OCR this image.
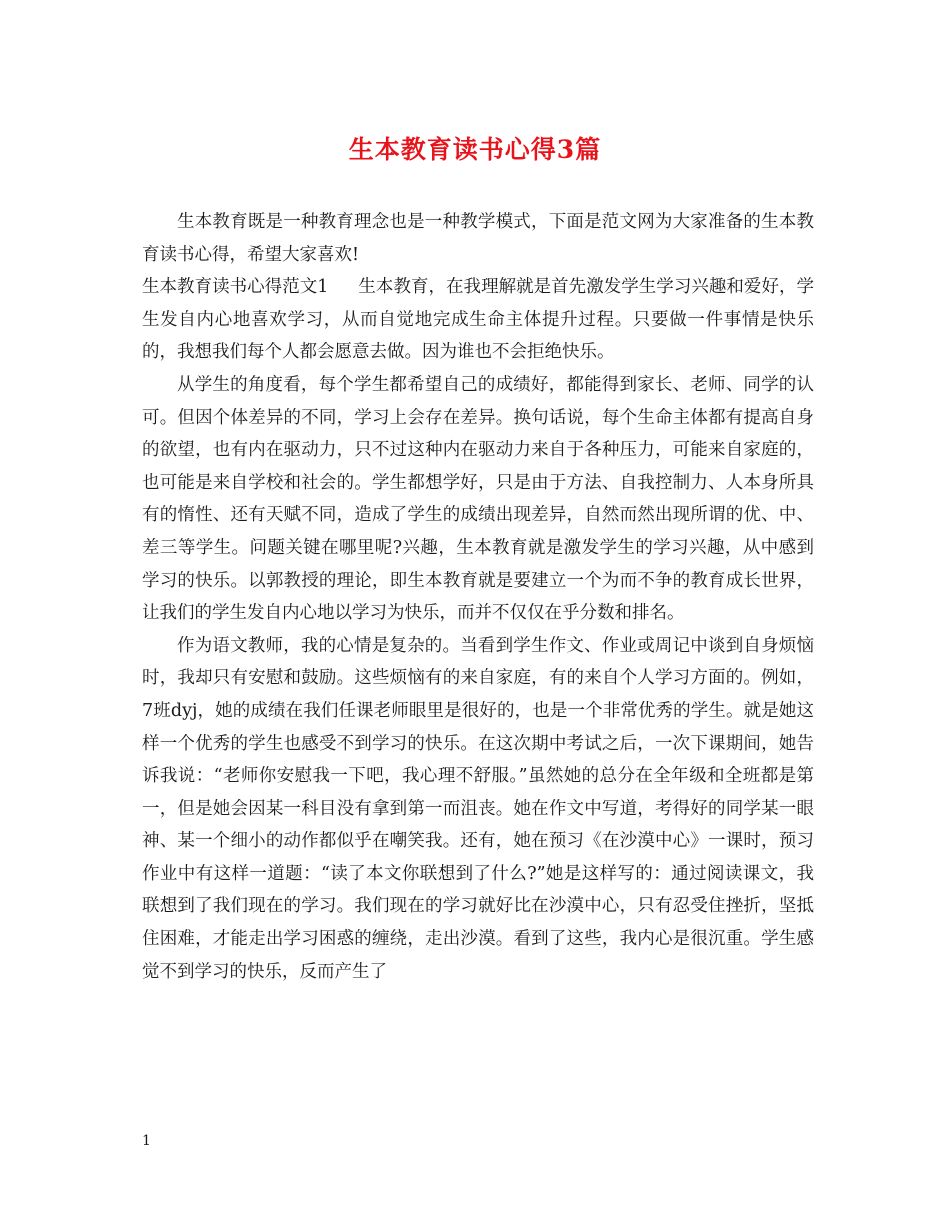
生本教育读书心得3篇

生本教育既是一种教育理念也是一种教学模式，下面是范文网为大家准备的生本教育读书心得，希望大家喜欢!

生本教育读书心得范文1 生本教育，在我理解就是首先激发学生学习兴趣和爱好，学生发自内心地喜欢学习，从而自觉地完成生命主体提升过程。只要做一件事情是快乐的，我想我们每个人都会愿意去做。因为谁也不会拒绝快乐。

从学生的角度看，每个学生都希望自己的成绩好，都能得到家长、老师、同学的认可。但因个体差异的不同，学习上会存在差异。换句话说，每个生命主体都有提高自身的欲望，也有内在驱动力，只不过这种内在驱动力来自于各种压力，可能来自家庭的，也可能是来自学校和社会的。学生都想学好，只是由于方法、自我控制力、人本身所具有的惰性、还有天赋不同，造成了学生的成绩出现差异，自然而然出现所谓的优、中、差三等学生。问题关键在哪里呢?兴趣，生本教育就是激发学生的学习兴趣，从中感到学习的快乐。以郭教授的理论，即生本教育就是要建立一个为而不争的教育成长世界，让我们的学生发自内心地以学习为快乐，而并不仅仅在乎分数和排名。

作为语文教师，我的心情是复杂的。当看到学生作文、作业或周记中谈到自身烦恼时，我却只有安慰和鼓励。这些烦恼有的来自家庭，有的来自个人学习方面的。例如，7班dyj，她的成绩在我们任课老师眼里是很好的，也是一个非常优秀的学生。就是她这样一个优秀的学生也感受不到学习的快乐。在这次期中考试之后，一次下课期间，她告诉我说：“老师你安慰我一下吧，我心理不舒服。”虽然她的总分在全年级和全班都是第一，但是她会因某一科目没有拿到第一而沮丧。她在作文中写道，考得好的同学某一眼神、某一个细小的动作都似乎在嘲笑我。还有，她在预习《在沙漠中心》一课时，预习作业中有这样一道题：“读了本文你联想到了什么?”她是这样写的：通过阅读课文，我联想到了我们现在的学习。我们现在的学习就好比在沙漠中心，只有忍受住挫折，坚抵住困难，才能走出学习困惑的缠绕，走出沙漠。看到了这些，我内心是很沉重。学生感觉不到学习的快乐，反而产生了

1
